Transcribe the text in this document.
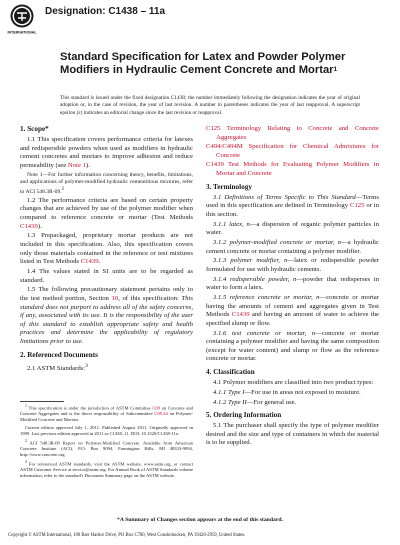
INTERNATIONAL
Designation: C1438 – 11a
Standard Specification for Latex and Powder Polymer Modifiers in Hydraulic Cement Concrete and Mortar$^1$
This standard is issued under the fixed designation C1438; the number immediately following the designation indicates the year of original adoption or, in the case of revision, the year of last revision. A number in parentheses indicates the year of last reapproval. A superscript epsilon (ε) indicates an editorial change since the last revision or reapproval.
1. Scope*

1.1 This specification covers performance criteria for latexes and redispersible powders when used as modifiers in hydraulic cement concretes and mortars to improve adhesion and reduce permeability (see Note 1).

Note 1—For further information concerning theory, benefits, limitations, and applications of polymer-modified hydraulic cementitious mixtures, refer to ACI 548.3R-09.$^2$

1.2 The performance criteria are based on certain property changes that are achieved by use of the polymer modifier when compared to reference concrete or mortar (Test Methods C1439).

1.3 Prepackaged, proprietary mortar products are not included in this specification. Also, this specification covers only those materials contained in the reference or test mixtures listed in Test Methods C1439.

1.4 The values stated in SI units are to be regarded as standard.

1.5 The following precautionary statement pertains only to the test method portion, Section 10, of this specification: This standard does not purport to address all of the safety concerns, if any, associated with its use. It is the responsibility of the user of this standard to establish appropriate safety and health practices and determine the applicability of regulatory limitations prior to use.

2. Referenced Documents

2.1 ASTM Standards:$^3$

C125 Terminology Relating to Concrete and Concrete Aggregates

C494/C494M Specification for Chemical Admixtures for Concrete

C1439 Test Methods for Evaluating Polymer Modifiers in Mortar and Concrete

3. Terminology

3.1 Definitions of Terms Specific to This Standard—Terms used in this specification are defined in Terminology C125 or in this section.

3.1.1 latex, n—a dispersion of organic polymer particles in water.

3.1.2 polymer-modified concrete or mortar, n—a hydraulic cement concrete or mortar containing a polymer modifier.

3.1.3 polymer modifier, n—latex or redispersible powder formulated for use with hydraulic cements.

3.1.4 redispersible powder, n—powder that redisperses in water to form a latex.

3.1.5 reference concrete or mortar, n—concrete or mortar having the amounts of cement and aggregates given in Test Methods C1439 and having an amount of water to achieve the specified slump or flow.

3.1.6 test concrete or mortar, n—concrete or mortar containing a polymer modifier and having the same composition (except for water content) and slump or flow as the reference concrete or mortar.

4. Classification

4.1 Polymer modifiers are classified into two product types:

4.1.1 Type I—For use in areas not exposed to moisture.

4.1.2 Type II—For general use.

5. Ordering Information

5.1 The purchaser shall specify the type of polymer modifier desired and the size and type of containers in which the material is to be supplied.

$^1$ This specification is under the jurisdiction of ASTM Committee C09 on Concrete and Concrete Aggregates and is the direct responsibility of Subcommittee C09.44 on Polymer-Modified Concrete and Mortars.

Current edition approved July 1, 2011. Published August 2011. Originally approved in 1999. Last previous edition approved in 2011 as C1438–11. DOI: 10.1520/C1438-11a.

$^2$ ACI 548.3R-09 Report on Polymer-Modified Concrete. Available from American Concrete Institute (ACI), P.O. Box 9094, Farmington Hills, MI 48333-9094, http://www.concrete.org.

$^3$ For referenced ASTM standards, visit the ASTM website, www.astm.org, or contact ASTM Customer Service at service@astm.org. For Annual Book of ASTM Standards volume information, refer to the standard's Document Summary page on the ASTM website.

*A Summary of Changes section appears at the end of this standard.
Copyright © ASTM International, 100 Barr Harbor Drive, PO Box C700, West Conshohocken, PA 19428-2959, United States.
